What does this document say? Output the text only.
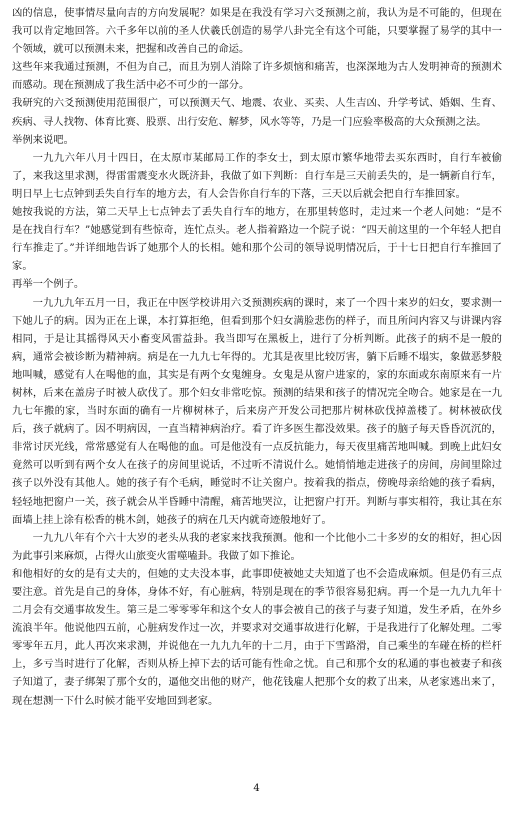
凶的信息，使事情尽量向吉的方向发展呢？如果是在我没有学习六爻预测之前，我认为是不可能的，但现在我可以肯定地回答。六千多年以前的圣人伏羲氏创造的易学八卦完全有这个可能，只要掌握了易学的其中一个领域，就可以预测未来，把握和改善自己的命运。

这些年来我通过预测，不但为自己，而且为别人消除了许多烦恼和痛苦，也深深地为古人发明神奇的预测术而感动。现在预测成了我生活中必不可少的一部分。

我研究的六爻预测使用范围很广，可以预测天气、地震、农业、买卖、人生吉凶、升学考试、婚姻、生育、疾病、寻人找物、体育比赛、股票、出行安危、解梦，风水等等，乃是一门应验率极高的大众预测之法。

举例来说吧。

一九九六年八月十四日，在太原市某邮局工作的李女士，到太原市繁华地带去买东西时，自行车被偷了，来我这里求测，得雷雷震变水火既济卦，我做了如下判断：自行车是三天前丢失的，是一辆新自行车，明日早上七点钟到丢失自行车的地方去，有人会告你自行车的下落，三天以后就会把自行车推回家。

她按我说的方法，第二天早上七点钟去了丢失自行车的地方，在那里转悠时，走过来一个老人问她：“是不是在找自行车？”她感觉到有些惊奇，连忙点头。老人指着路边一个院子说：“四天前这里的一个年轻人把自行车推走了。”并详细地告诉了她那个人的长相。她和那个公司的领导说明情况后，于十七日把自行车推回了家。

再举一个例子。

一九九九年五月一日，我正在中医学校讲用六爻预测疾病的课时，来了一个四十来岁的妇女，要求测一下她儿子的病。因为正在上课，本打算拒绝，但看到那个妇女满脸悲伤的样子，而且所问内容又与讲课内容相同，于是让其摇得风天小畜变风雷益卦。我当即写在黑板上，进行了分析判断。此孩子的病不是一般的病，通常会被诊断为精神病。病是在一九九七年得的。尤其是夜里比较厉害，躺下后睡不塌实，象做恶梦般地叫喊，感觉有人在喝他的血，其实是有两个女鬼缠身。女鬼是从窗户进家的，家的东面或东南原来有一片树林，后来在盖房子时被人砍伐了。那个妇女非常吃惊。预测的结果和孩子的情况完全吻合。她家是在一九九七年搬的家，当时东面的确有一片柳树林子，后来房产开发公司把那片树林砍伐掉盖楼了。树林被砍伐后，孩子就病了。因不明病因，一直当精神病治疗。看了许多医生都没效果。孩子的脑子每天昏昏沉沉的，非常讨厌光线，常常感觉有人在喝他的血。可是他没有一点反抗能力，每天夜里痛苦地叫喊。到晚上此妇女竟然可以听到有两个女人在孩子的房间里说话，不过听不清说什么。她悄悄地走进孩子的房间，房间里除过孩子以外没有其他人。她的孩子有个毛病，睡觉时不让关窗户。按着我的指点，傍晚母亲给她的孩子看病，轻轻地把窗户一关，孩子就会从半昏睡中清醒，痛苦地哭泣，让把窗户打开。判断与事实相符，我让其在东面墙上挂上涂有松香的桃木剑，她孩子的病在几天内就奇迹般地好了。

一九九八年有个六十大岁的老头从我的老家来找我预测。他和一个比他小二十多岁的女的相好，担心因为此事引来麻烦，占得火山旅变火雷噬嗑卦。我做了如下推论。

和他相好的女的是有丈夫的，但她的丈夫没本事，此事即使被她丈夫知道了也不会造成麻烦。但是仍有三点要注意。首先是自己的身体，身体不好，有心脏病，特别是现在的季节很容易犯病。再一个是一九九九年十二月会有交通事故发生。第三是二零零零年和这个女人的事会被自己的孩子与妻子知道，发生矛盾，在外乡流浪半年。他说他四五前，心脏病发作过一次，并要求对交通事故进行化解，于是我进行了化解处理。二零零零年五月，此人再次来求测，并说他在一九九九年的十二月，由于下雪路滑，自己乘坐的车碰在桥的栏杆上，多亏当时进行了化解，否则从桥上掉下去的话可能有性命之忧。自己和那个女的私通的事也被妻子和孩子知道了，妻子绑架了那个女的，逼他交出他的财产，他花钱雇人把那个女的救了出来，从老家逃出来了，现在想测一下什么时候才能平安地回到老家。

4
